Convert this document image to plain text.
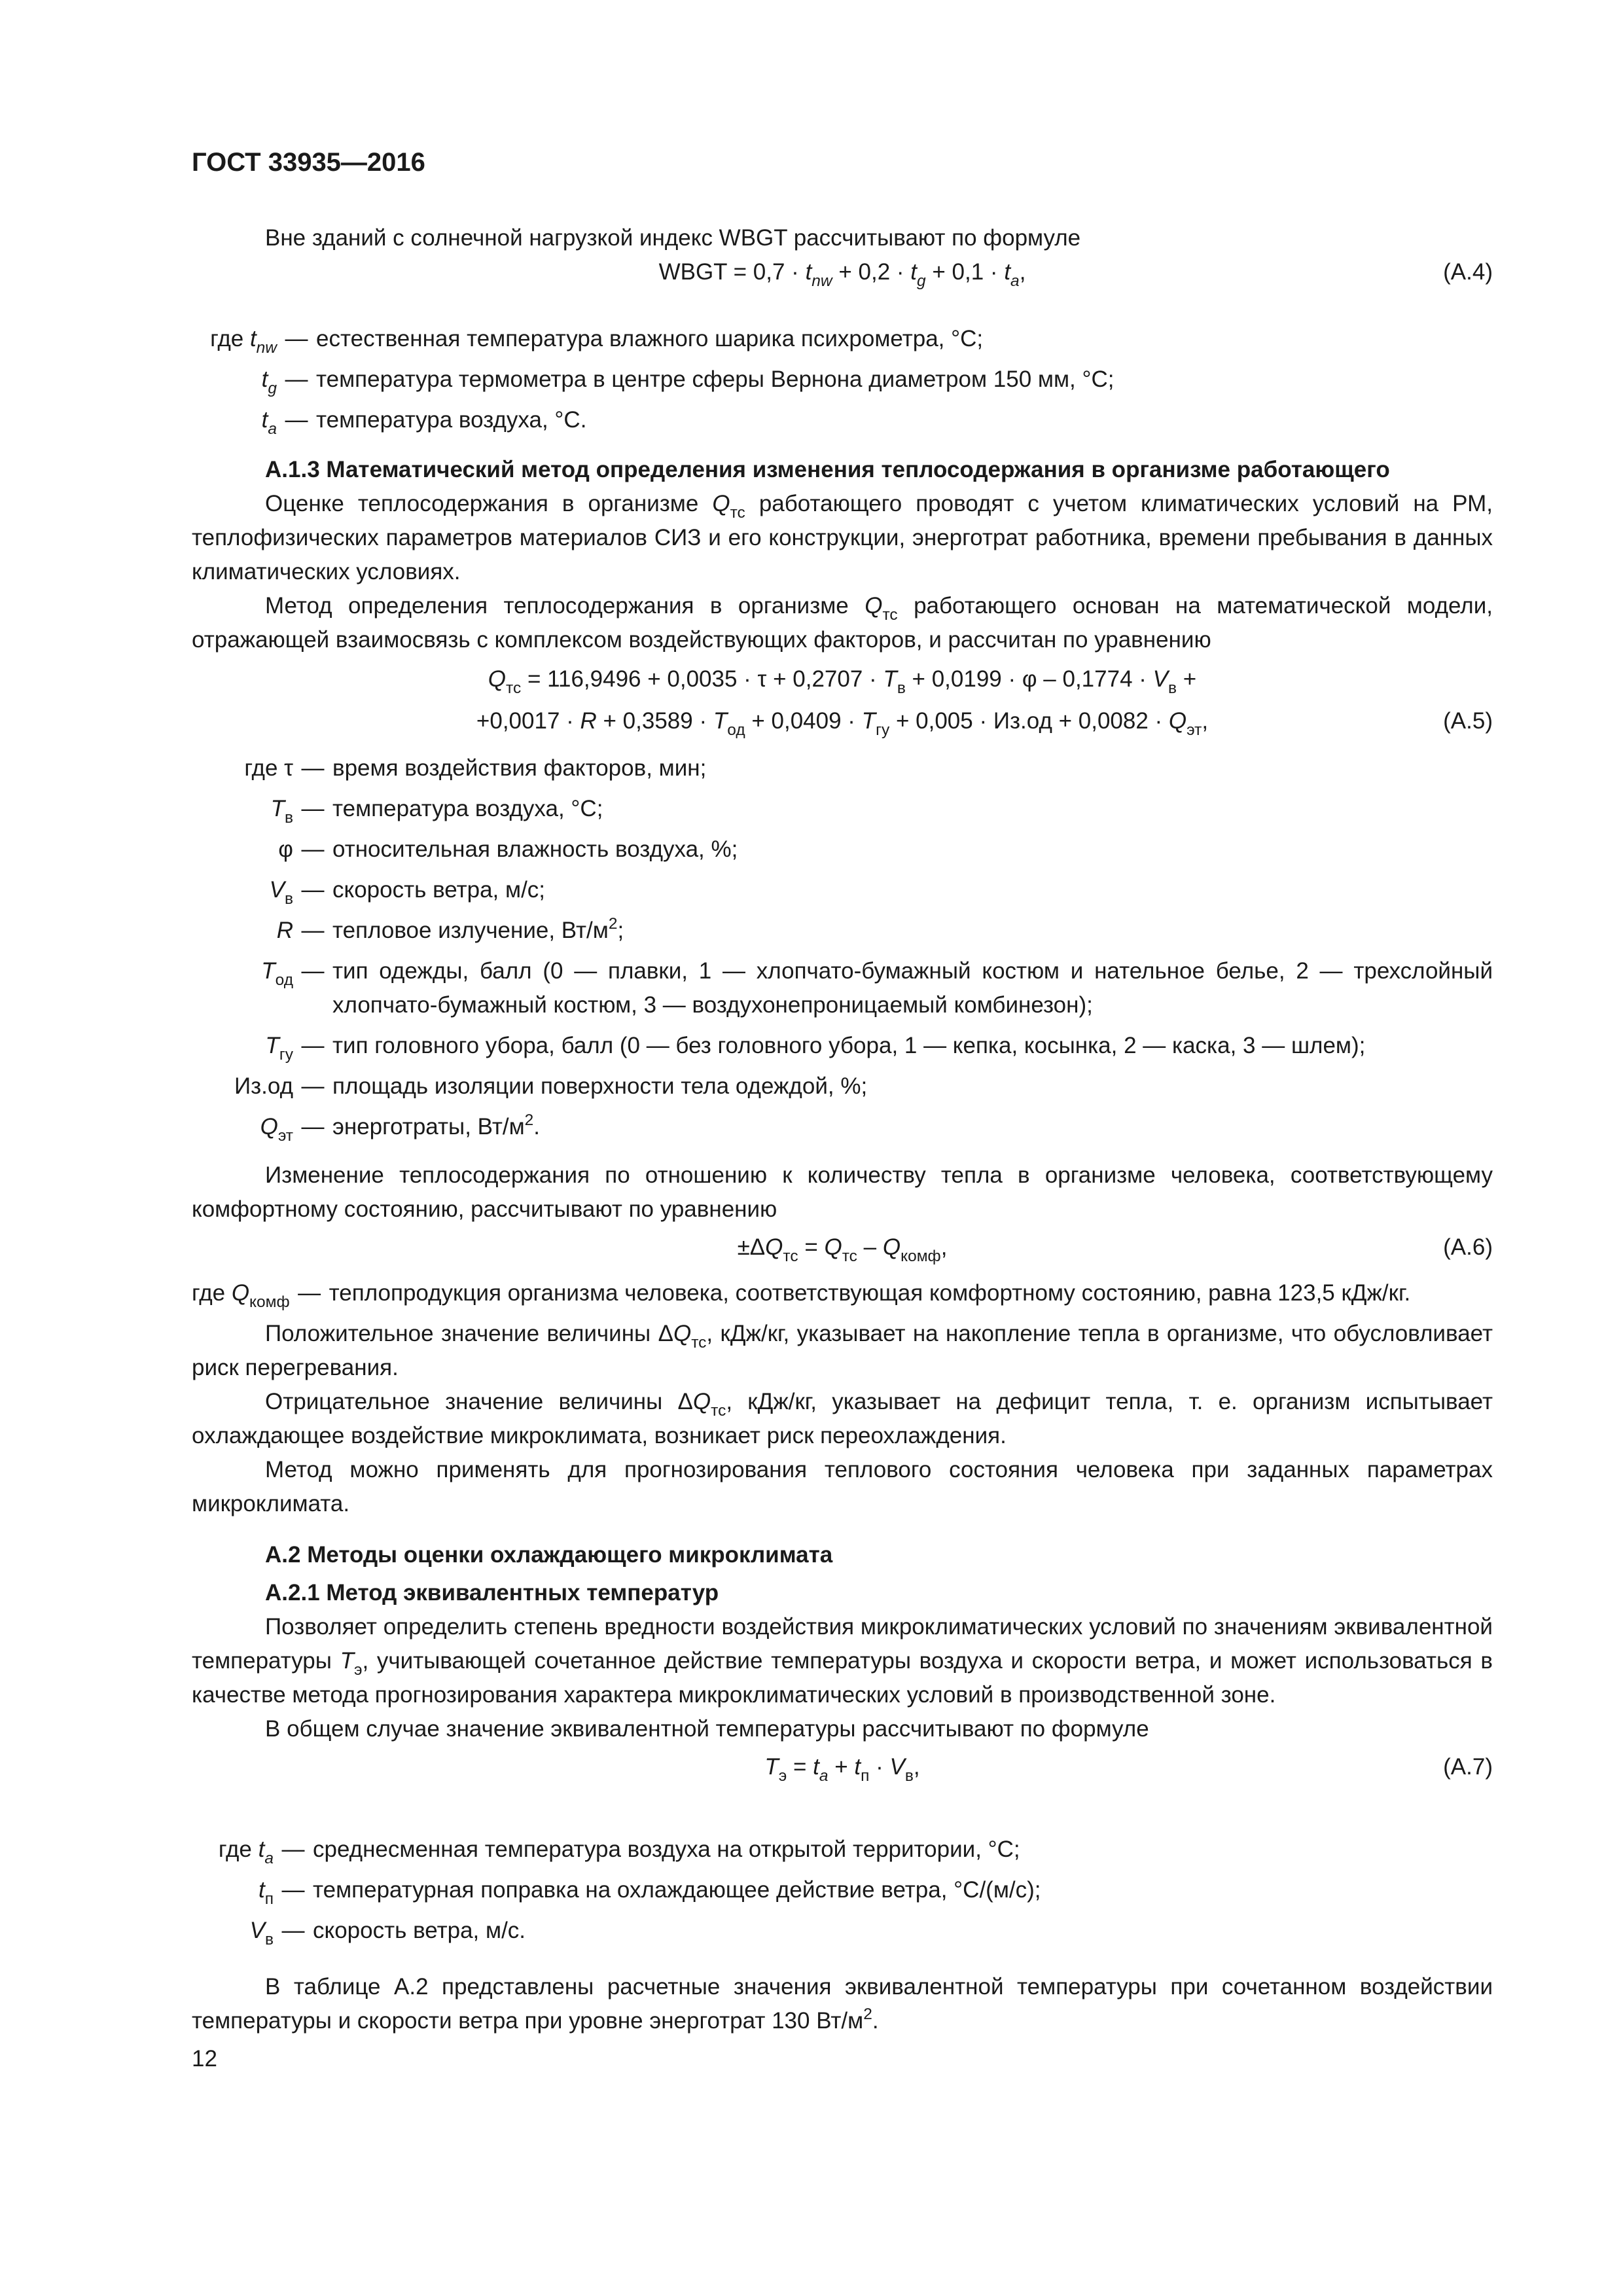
ГОСТ 33935—2016

Вне зданий с солнечной нагрузкой индекс WBGT рассчитывают по формуле

WBGT = $0,7 \cdot t_{nw} + 0,2 \cdot t_g + 0,1 \cdot t_a$,	(А.4)
где $t_{nw}$ — естественная температура влажного шарика психрометра, °С;
$t_g$ — температура термометра в центре сферы Вернона диаметром 150 мм, °С;
$t_a$ — температура воздуха, °С.

А.1.3 Математический метод определения изменения теплосодержания в организме работающего

Оценке теплосодержания в организме $Q_{тс}$ работающего проводят с учетом климатических условий на РМ, теплофизических параметров материалов СИЗ и его конструкции, энерготрат работника, времени пребывания в данных климатических условиях.

Метод определения теплосодержания в организме $Q_{тс}$ работающего основан на математической модели, отражающей взаимосвязь с комплексом воздействующих факторов, и рассчитан по уравнению

$Q_{тс} = 116,9496 + 0,0035 \cdot \tau + 0,2707 \cdot T_в + 0,0199 \cdot \varphi - 0,1774 \cdot V_в$ +
$+0,0017 \cdot R + 0,3589 \cdot T_{од} + 0,0409 \cdot T_{гу} + 0,005 \cdot Из.од + 0,0082 \cdot Q_{эт}$,	(А.5)
где τ — время воздействия факторов, мин;
$T_в$ — температура воздуха, °С;
φ — относительная влажность воздуха, %;
$V_в$ — скорость ветра, м/с;
R — тепловое излучение, $Вт/м^2$;
$T_{од}$ — тип одежды, балл (0 — плавки, 1 — хлопчато-бумажный костюм и нательное белье, 2 — трехслойный хлопчато-бумажный костюм, 3 — воздухонепроницаемый комбинезон);
$T_{гу}$ — тип головного убора, балл (0 — без головного убора, 1 — кепка, косынка, 2 — каска, 3 — шлем);
Из.од — площадь изоляции поверхности тела одеждой, %;
$Q_{эт}$ — энерготраты, $Вт/м^2$.

Изменение теплосодержания по отношению к количеству тепла в организме человека, соответствующему комфортному состоянию, рассчитывают по уравнению

$\pm\Delta Q_{тс} = Q_{тс} - Q_{комф}$,	(А.6)
где $Q_{комф}$ — теплопродукция организма человека, соответствующая комфортному состоянию, равна 123,5 кДж/кг.

Положительное значение величины $\Delta Q_{тс}$, кДж/кг, указывает на накопление тепла в организме, что обусловливает риск перегревания.

Отрицательное значение величины $\Delta Q_{тс}$, кДж/кг, указывает на дефицит тепла, т. е. организм испытывает охлаждающее воздействие микроклимата, возникает риск переохлаждения.

Метод можно применять для прогнозирования теплового состояния человека при заданных параметрах микроклимата.

А.2 Методы оценки охлаждающего микроклимата

А.2.1 Метод эквивалентных температур

Позволяет определить степень вредности воздействия микроклиматических условий по значениям эквивалентной температуры $T_э$, учитывающей сочетанное действие температуры воздуха и скорости ветра, и может использоваться в качестве метода прогнозирования характера микроклиматических условий в производственной зоне.

В общем случае значение эквивалентной температуры рассчитывают по формуле

$T_э = t_a + t_п \cdot V_в$,	(А.7)
где $t_a$ — среднесменная температура воздуха на открытой территории, °С;
$t_п$ — температурная поправка на охлаждающее действие ветра, °С/(м/с);
$V_в$ — скорость ветра, м/с.

В таблице А.2 представлены расчетные значения эквивалентной температуры при сочетанном воздействии температуры и скорости ветра при уровне энерготрат 130 $Вт/м^2$.

12
